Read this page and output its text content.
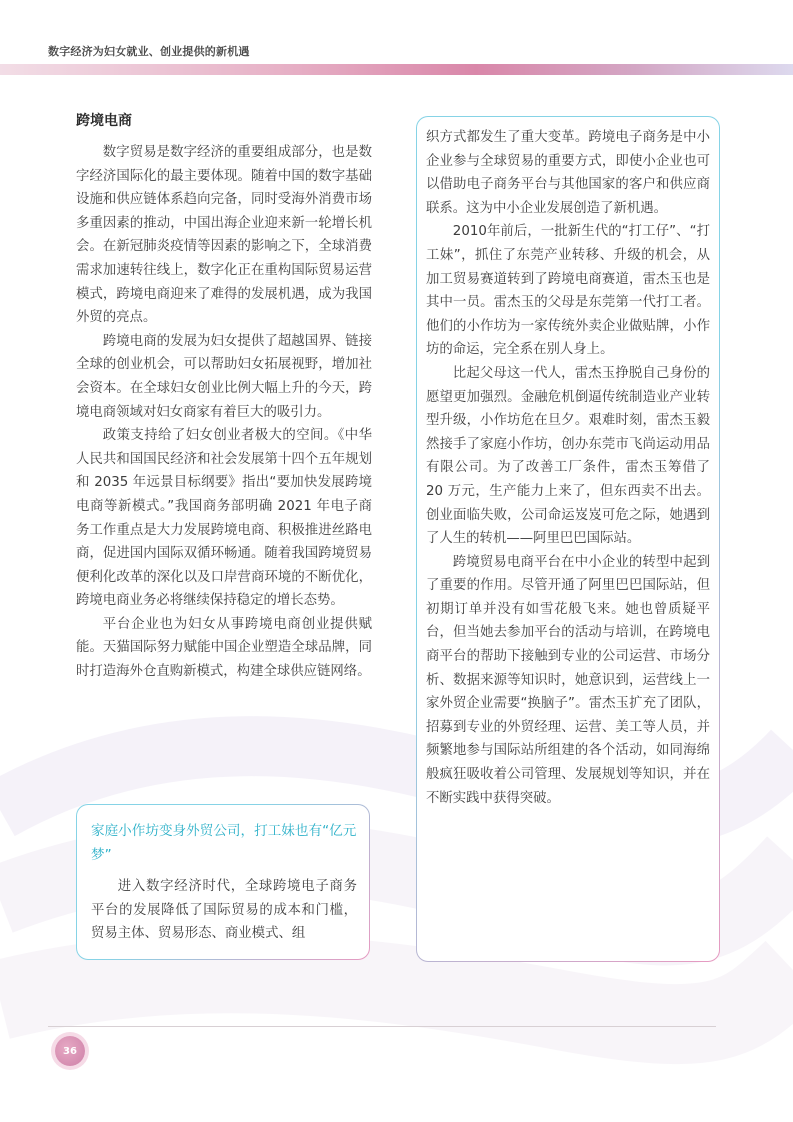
数字经济为妇女就业、创业提供的新机遇
跨境电商

数字贸易是数字经济的重要组成部分，也是数字经济国际化的最主要体现。随着中国的数字基础设施和供应链体系趋向完备，同时受海外消费市场多重因素的推动，中国出海企业迎来新一轮增长机会。在新冠肺炎疫情等因素的影响之下，全球消费需求加速转往线上，数字化正在重构国际贸易运营模式，跨境电商迎来了难得的发展机遇，成为我国外贸的亮点。

跨境电商的发展为妇女提供了超越国界、链接全球的创业机会，可以帮助妇女拓展视野，增加社会资本。在全球妇女创业比例大幅上升的今天，跨境电商领域对妇女商家有着巨大的吸引力。

政策支持给了妇女创业者极大的空间。《中华人民共和国国民经济和社会发展第十四个五年规划和 2035 年远景目标纲要》指出“要加快发展跨境电商等新模式。”我国商务部明确 2021 年电子商务工作重点是大力发展跨境电商、积极推进丝路电商，促进国内国际双循环畅通。随着我国跨境贸易便利化改革的深化以及口岸营商环境的不断优化，跨境电商业务必将继续保持稳定的增长态势。

平台企业也为妇女从事跨境电商创业提供赋能。天猫国际努力赋能中国企业塑造全球品牌，同时打造海外仓直购新模式，构建全球供应链网络。

家庭小作坊变身外贸公司，打工妹也有“亿元梦”

进入数字经济时代，全球跨境电子商务平台的发展降低了国际贸易的成本和门槛，贸易主体、贸易形态、商业模式、组

织方式都发生了重大变革。跨境电子商务是中小企业参与全球贸易的重要方式，即使小企业也可以借助电子商务平台与其他国家的客户和供应商联系。这为中小企业发展创造了新机遇。

2010年前后，一批新生代的“打工仔”、“打工妹”，抓住了东莞产业转移、升级的机会，从加工贸易赛道转到了跨境电商赛道，雷杰玉也是其中一员。雷杰玉的父母是东莞第一代打工者。他们的小作坊为一家传统外卖企业做贴牌，小作坊的命运，完全系在别人身上。

比起父母这一代人，雷杰玉挣脱自己身份的愿望更加强烈。金融危机倒逼传统制造业产业转型升级，小作坊危在旦夕。艰难时刻，雷杰玉毅然接手了家庭小作坊，创办东莞市飞尚运动用品有限公司。为了改善工厂条件，雷杰玉筹借了 20 万元，生产能力上来了，但东西卖不出去。创业面临失败，公司命运岌岌可危之际，她遇到了人生的转机——阿里巴巴国际站。

跨境贸易电商平台在中小企业的转型中起到了重要的作用。尽管开通了阿里巴巴国际站，但初期订单并没有如雪花般飞来。她也曾质疑平台，但当她去参加平台的活动与培训，在跨境电商平台的帮助下接触到专业的公司运营、市场分析、数据来源等知识时，她意识到，运营线上一家外贸企业需要“换脑子”。雷杰玉扩充了团队，招募到专业的外贸经理、运营、美工等人员，并频繁地参与国际站所组建的各个活动，如同海绵般疯狂吸收着公司管理、发展规划等知识，并在不断实践中获得突破。

36
